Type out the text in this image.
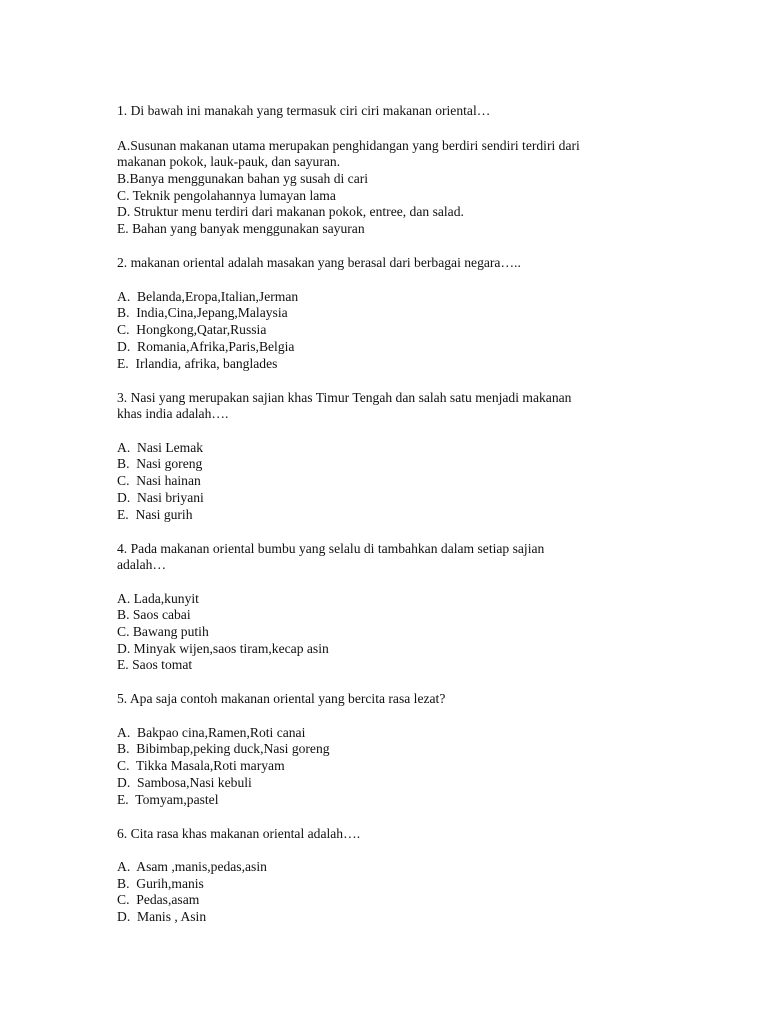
1. Di bawah ini manakah yang termasuk ciri ciri makanan oriental…
A.Susunan makanan utama merupakan penghidangan yang berdiri sendiri terdiri dari
makanan pokok, lauk-pauk, dan sayuran.
B.Banya menggunakan bahan yg susah di cari
C. Teknik pengolahannya lumayan lama
D. Struktur menu terdiri dari makanan pokok, entree, dan salad.
E. Bahan yang banyak menggunakan sayuran
2. makanan oriental adalah masakan yang berasal dari berbagai negara…..
A.  Belanda,Eropa,Italian,Jerman
B.  India,Cina,Jepang,Malaysia
C.  Hongkong,Qatar,Russia
D.  Romania,Afrika,Paris,Belgia
E.  Irlandia, afrika, banglades
3. Nasi yang merupakan sajian khas Timur Tengah dan salah satu menjadi makanan
khas india adalah….
A.  Nasi Lemak
B.  Nasi goreng
C.  Nasi hainan
D.  Nasi briyani
E.  Nasi gurih
4. Pada makanan oriental bumbu yang selalu di tambahkan dalam setiap sajian
adalah…
A. Lada,kunyit
B. Saos cabai
C. Bawang putih
D. Minyak wijen,saos tiram,kecap asin
E. Saos tomat
5. Apa saja contoh makanan oriental yang bercita rasa lezat?
A.  Bakpao cina,Ramen,Roti canai
B.  Bibimbap,peking duck,Nasi goreng
C.  Tikka Masala,Roti maryam
D.  Sambosa,Nasi kebuli
E.  Tomyam,pastel
6. Cita rasa khas makanan oriental adalah….
A.  Asam ,manis,pedas,asin
B.  Gurih,manis
C.  Pedas,asam
D.  Manis , Asin
